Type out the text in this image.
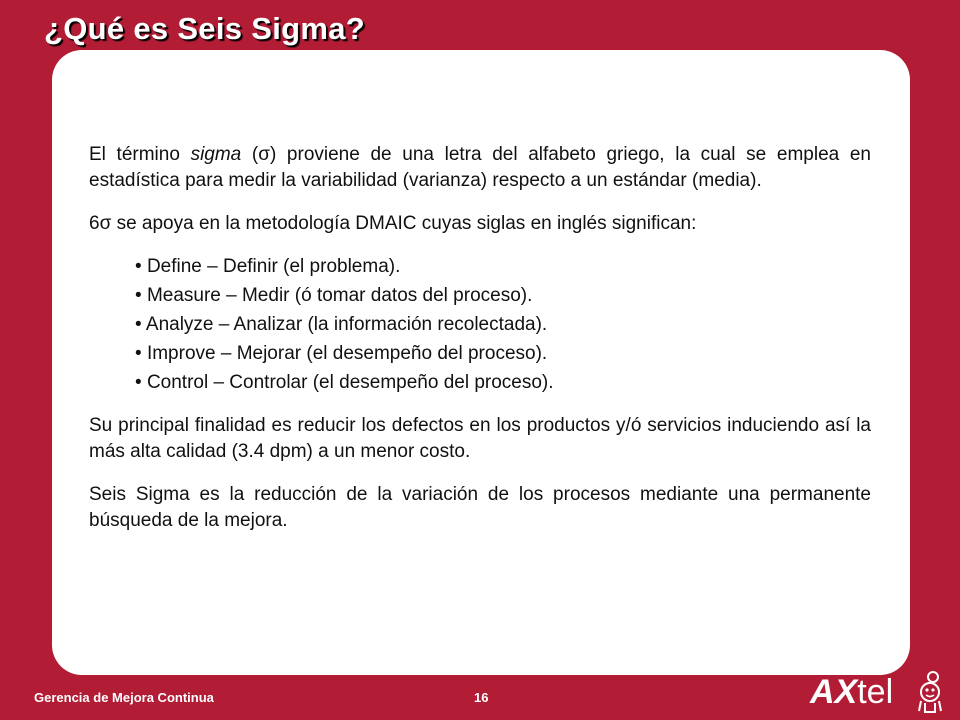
¿Qué es Seis Sigma?

El término sigma (σ) proviene de una letra del alfabeto griego, la cual se emplea en estadística para medir la variabilidad (varianza) respecto a un estándar (media).

6σ se apoya en la metodología DMAIC cuyas siglas en inglés significan:

• Define – Definir (el problema).
• Measure – Medir (ó tomar datos del proceso).
• Analyze – Analizar (la información recolectada).
• Improve – Mejorar (el desempeño del proceso).
• Control – Controlar (el desempeño del proceso).

Su principal finalidad es reducir los defectos en los productos y/ó servicios induciendo así la más alta calidad (3.4 dpm) a un menor costo.

Seis Sigma es la reducción de la variación de los procesos mediante una permanente búsqueda de la mejora.

Gerencia de Mejora Continua	16	AXtel
